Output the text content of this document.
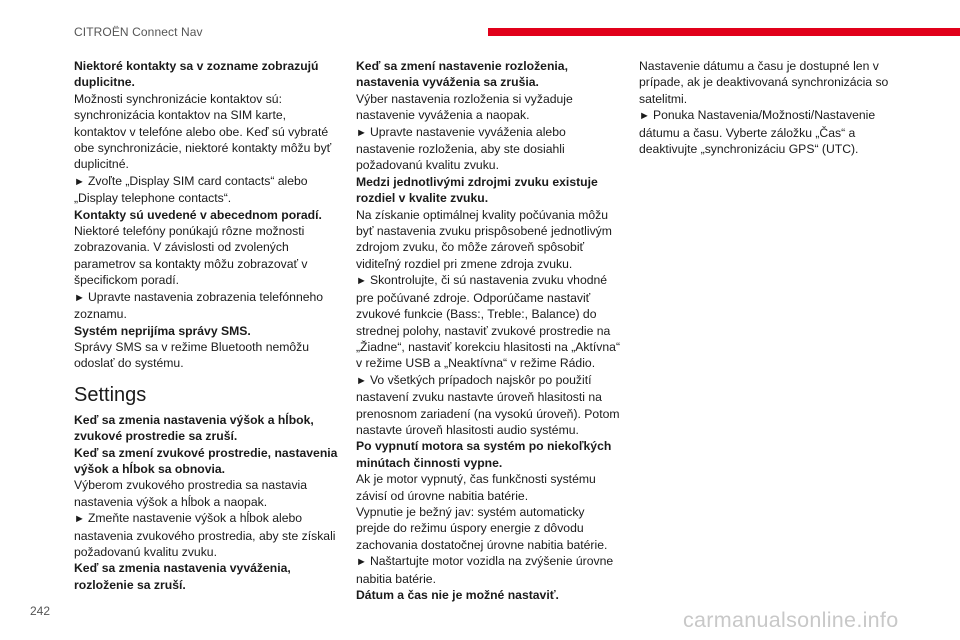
CITROËN Connect Nav

Niektoré kontakty sa v zozname zobrazujú duplicitne.

Možnosti synchronizácie kontaktov sú: synchronizácia kontaktov na SIM karte, kontaktov v telefóne alebo obe. Keď sú vybraté obe synchronizácie, niektoré kontakty môžu byť duplicitné.

► Zvoľte „Display SIM card contacts“ alebo „Display telephone contacts“.

Kontakty sú uvedené v abecednom poradí.

Niektoré telefóny ponúkajú rôzne možnosti zobrazovania. V závislosti od zvolených parametrov sa kontakty môžu zobrazovať v špecifickom poradí.

► Upravte nastavenia zobrazenia telefónneho zoznamu.

Systém neprijíma správy SMS.

Správy SMS sa v režime Bluetooth nemôžu odoslať do systému.

Settings

Keď sa zmenia nastavenia výšok a hĺbok, zvukové prostredie sa zruší.

Keď sa zmení zvukové prostredie, nastavenia výšok a hĺbok sa obnovia.

Výberom zvukového prostredia sa nastavia nastavenia výšok a hĺbok a naopak.

► Zmeňte nastavenie výšok a hĺbok alebo nastavenia zvukového prostredia, aby ste získali požadovanú kvalitu zvuku.

Keď sa zmenia nastavenia vyváženia, rozloženie sa zruší.

Keď sa zmení nastavenie rozloženia, nastavenia vyváženia sa zrušia.

Výber nastavenia rozloženia si vyžaduje nastavenie vyváženia a naopak.

► Upravte nastavenie vyváženia alebo nastavenie rozloženia, aby ste dosiahli požadovanú kvalitu zvuku.

Medzi jednotlivými zdrojmi zvuku existuje rozdiel v kvalite zvuku.

Na získanie optimálnej kvality počúvania môžu byť nastavenia zvuku prispôsobené jednotlivým zdrojom zvuku, čo môže zároveň spôsobiť viditeľný rozdiel pri zmene zdroja zvuku.

► Skontrolujte, či sú nastavenia zvuku vhodné pre počúvané zdroje. Odporúčame nastaviť zvukové funkcie (Bass:, Treble:, Balance) do strednej polohy, nastaviť zvukové prostredie na „Žiadne“, nastaviť korekciu hlasitosti na „Aktívna“ v režime USB a „Neaktívna“ v režime Rádio.

► Vo všetkých prípadoch najskôr po použití nastavení zvuku nastavte úroveň hlasitosti na prenosnom zariadení (na vysokú úroveň). Potom nastavte úroveň hlasitosti audio systému.

Po vypnutí motora sa systém po niekoľkých minútach činnosti vypne.

Ak je motor vypnutý, čas funkčnosti systému závisí od úrovne nabitia batérie.

Vypnutie je bežný jav: systém automaticky prejde do režimu úspory energie z dôvodu zachovania dostatočnej úrovne nabitia batérie.

► Naštartujte motor vozidla na zvýšenie úrovne nabitia batérie.

Dátum a čas nie je možné nastaviť.

Nastavenie dátumu a času je dostupné len v prípade, ak je deaktivovaná synchronizácia so satelitmi.

► Ponuka Nastavenia/Možnosti/Nastavenie dátumu a času. Vyberte záložku „Čas“ a deaktivujte „synchronizáciu GPS“ (UTC).

242	carmanualsonline.info
